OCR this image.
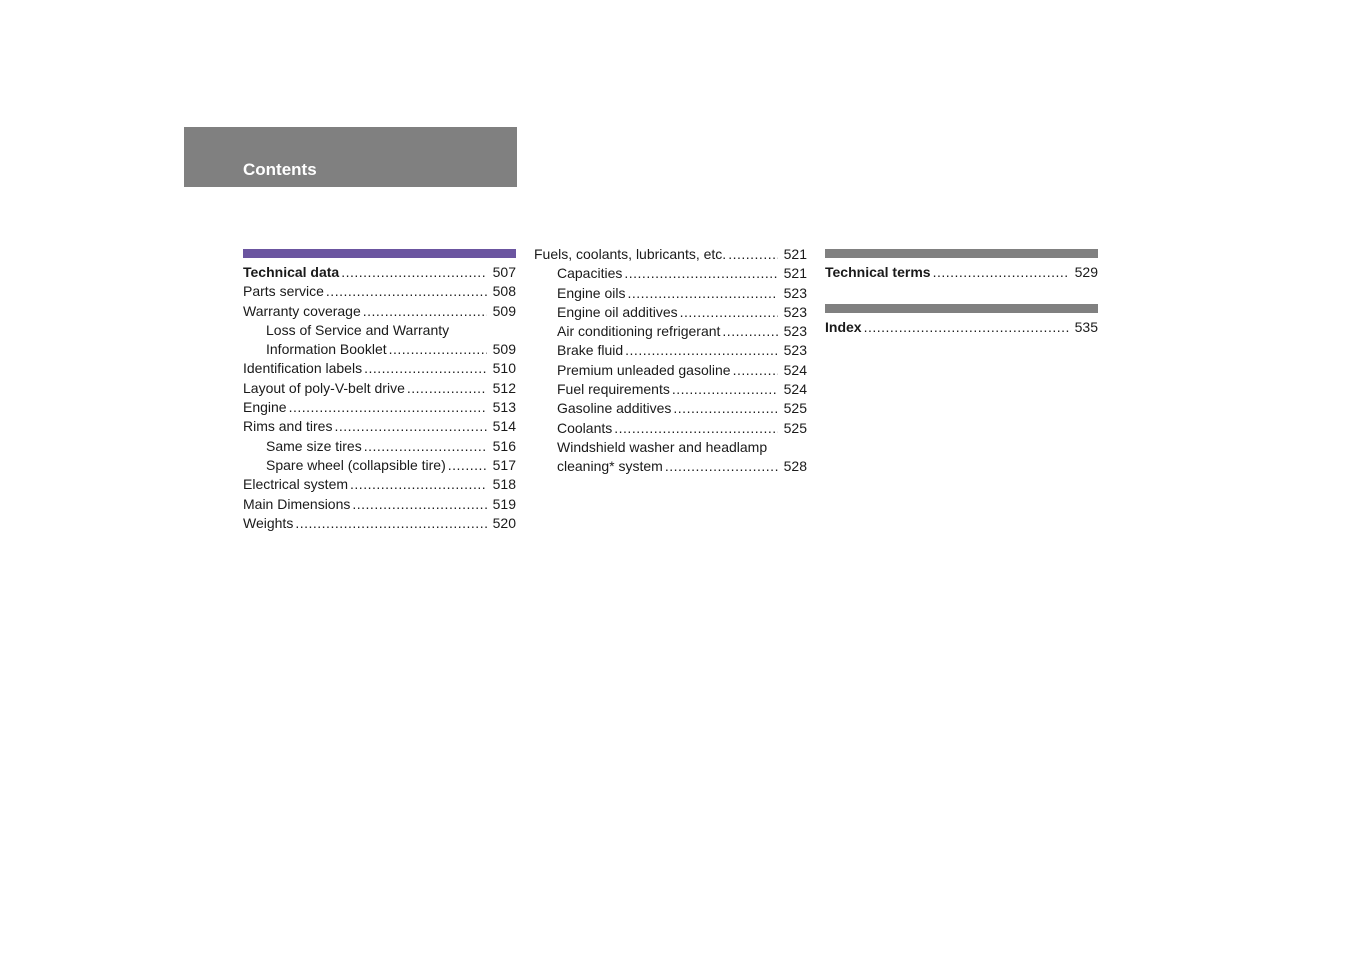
Contents
Technical data .....	507
Parts service .....	508
Warranty coverage .....	509
Loss of Service and Warranty
Information Booklet .....	509
Identification labels .....	510
Layout of poly-V-belt drive .....	512
Engine .....	513
Rims and tires .....	514
Same size tires .....	516
Spare wheel (collapsible tire) .....	517
Electrical system .....	518
Main Dimensions .....	519
Weights .....	520
Fuels, coolants, lubricants, etc. .....	521
Capacities .....	521
Engine oils .....	523
Engine oil additives .....	523
Air conditioning refrigerant .....	523
Brake fluid .....	523
Premium unleaded gasoline .....	524
Fuel requirements .....	524
Gasoline additives .....	525
Coolants .....	525
Windshield washer and headlamp
cleaning* system .....	528
Technical terms .....	529
Index .....	535
